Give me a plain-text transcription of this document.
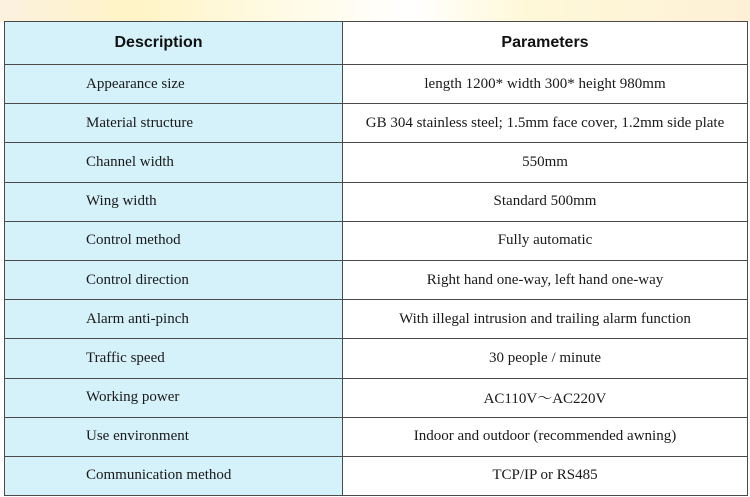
Description	Parameters
Appearance size	length 1200* width 300* height 980mm
Material structure	GB 304 stainless steel; 1.5mm face cover, 1.2mm side plate
Channel width	550mm
Wing width	Standard 500mm
Control method	Fully automatic
Control direction	Right hand one-way, left hand one-way
Alarm anti-pinch	With illegal intrusion and trailing alarm function
Traffic speed	30 people / minute
Working power	AC110V〜AC220V
Use environment	Indoor and outdoor (recommended awning)
Communication method	TCP/IP or RS485
